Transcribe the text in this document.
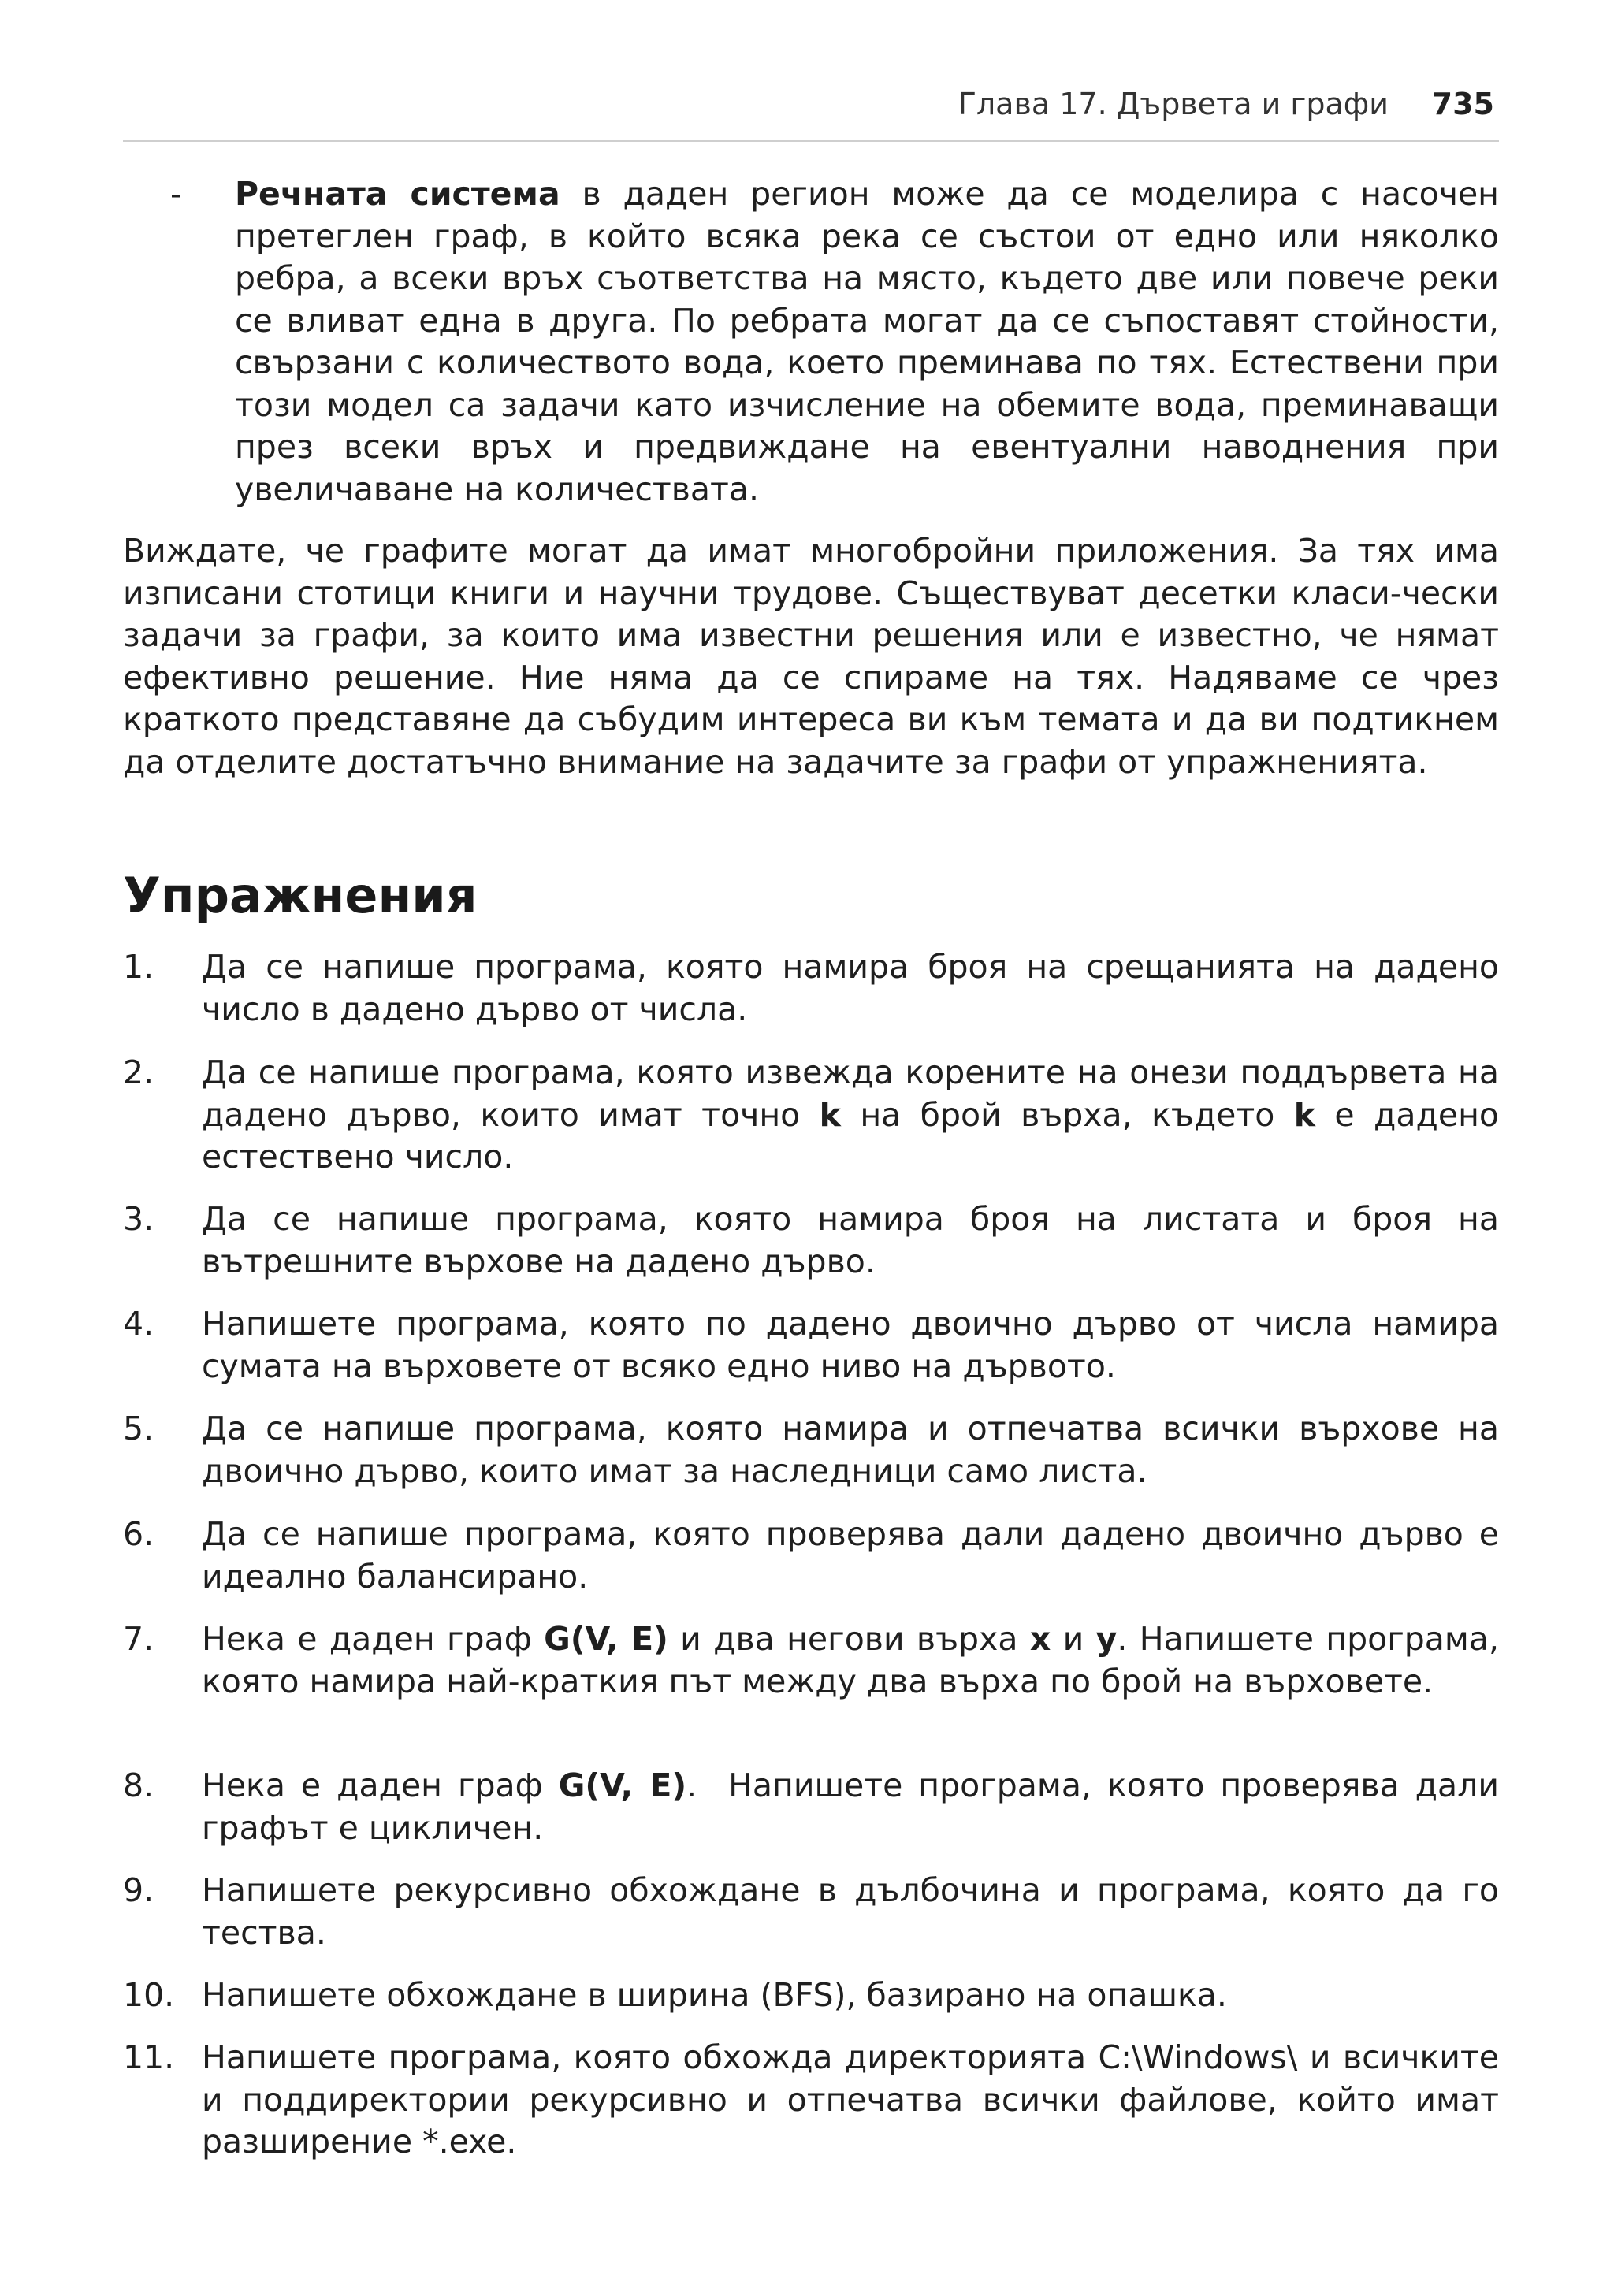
Глава 17. Дървета и графи 735
- Речната система в даден регион може да се моделира с насочен претеглен граф, в който всяка река се състои от едно или няколко ребра, а всеки връх съответства на място, където две или повече реки се вливат една в друга. По ребрата могат да се съпоставят стойности, свързани с количеството вода, което преминава по тях. Естествени при този модел са задачи като изчисление на обемите вода, преминаващи през всеки връх и предвиждане на евентуални наводнения при увеличаване на количествата.

Виждате, че графите могат да имат многобройни приложения. За тях има изписани стотици книги и научни трудове. Съществуват десетки класи-чески задачи за графи, за които има известни решения или е известно, че нямат ефективно решение. Ние няма да се спираме на тях. Надяваме се чрез краткото представяне да събудим интереса ви към темата и да ви подтикнем да отделите достатъчно внимание на задачите за графи от упражненията.

Упражнения
1. Да се напише програма, която намира броя на срещанията на дадено число в дадено дърво от числа.

2. Да се напише програма, която извежда корените на онези поддървета на дадено дърво, които имат точно k на брой върха, където k е дадено естествено число.

3. Да се напише програма, която намира броя на листата и броя на вътрешните върхове на дадено дърво.

4. Напишете програма, която по дадено двоично дърво от числа намира сумата на върховете от всяко едно ниво на дървото.

5. Да се напише програма, която намира и отпечатва всички върхове на двоично дърво, които имат за наследници само листа.

6. Да се напише програма, която проверява дали дадено двоично дърво е идеално балансирано.

7. Нека е даден граф G(V, E) и два негови върха x и y. Напишете програма, която намира най-краткия път между два върха по брой на върховете.

8. Нека е даден граф G(V, E).  Напишете програма, която проверява дали графът е цикличен.

9. Напишете рекурсивно обхождане в дълбочина и програма, която да го тества.

10. Напишете обхождане в ширина (BFS), базирано на опашка.

11. Напишете програма, която обхожда директорията C:\Windows\ и всичките и поддиректории рекурсивно и отпечатва всички файлове, който имат разширение *.exe.
